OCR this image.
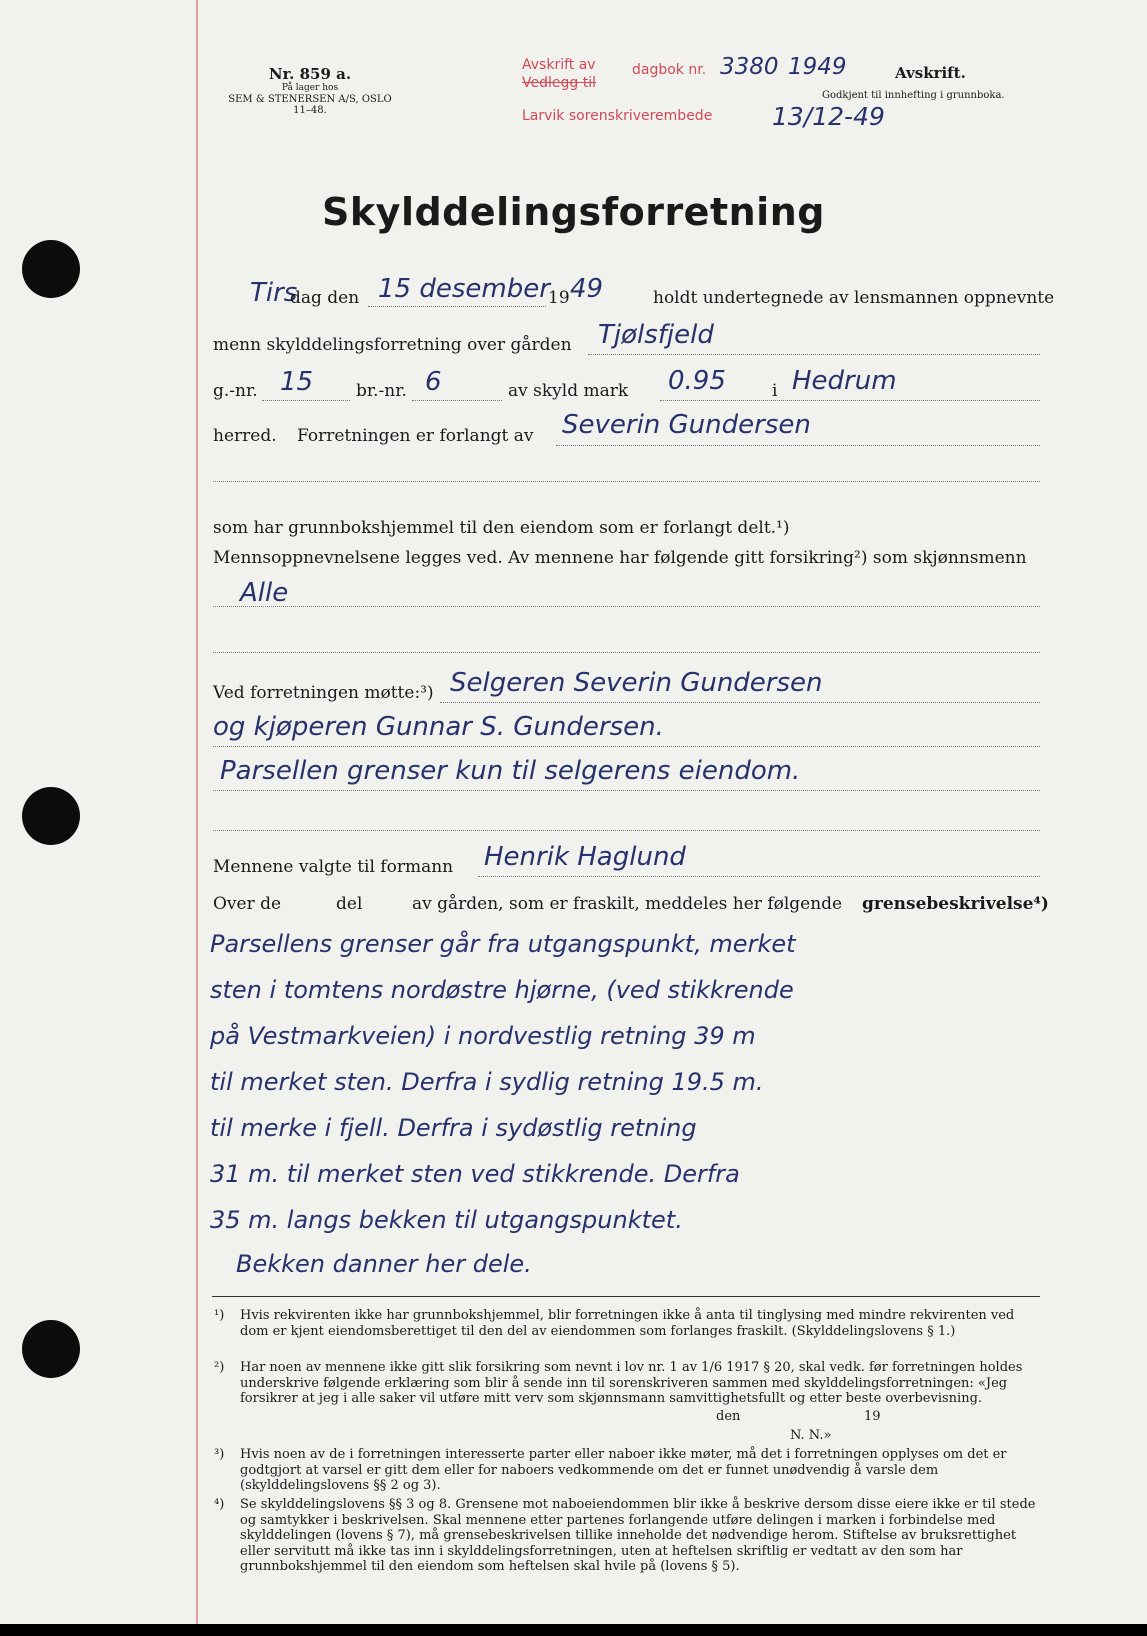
Nr. 859 a.
På lager hos
SEM & STENERSEN A/S, OSLO
11–48.
Avskrift av
Vedlegg til
dagbok nr. 3380 1949
Larvik sorenskriverembede 13/12-49
Avskrift.
Godkjent til innhefting i grunnboka.
Skylddelingsforretning
Tirs
dag den 15 desember
19 49	holdt undertegnede av lensmannen oppnevnte
menn skylddelingsforretning over gården Tjølsfjeld
g.-nr. 15	br.-nr. 6	av skyld mark 0.95	i Hedrum
herred. Forretningen er forlangt av Severin Gundersen
som har grunnbokshjemmel til den eiendom som er forlangt delt.¹)
Mennsoppnevnelsene legges ved. Av mennene har følgende gitt forsikring²) som skjønnsmenn
Alle
Ved forretningen møtte:³) Selgeren Severin Gundersen
og kjøperen Gunnar S. Gundersen.
Parsellen grenser kun til selgerens eiendom.
Mennene valgte til formann Henrik Haglund
Over de	del	av gården, som er fraskilt, meddeles her følgende grensebeskrivelse⁴)
Parsellens grenser går fra utgangspunkt, merket
sten i tomtens nordøstre hjørne, (ved stikkrende
på Vestmarkveien) i nordvestlig retning 39 m
til merket sten. Derfra i sydlig retning 19.5 m.
til merke i fjell. Derfra i sydøstlig retning
31 m. til merket sten ved stikkrende. Derfra
35 m. langs bekken til utgangspunktet.
Bekken danner her dele.
¹) Hvis rekvirenten ikke har grunnbokshjemmel, blir forretningen ikke å anta til tinglysing med mindre rekvirenten ved dom er kjent eiendomsberettiget til den del av eiendommen som forlanges fraskilt. (Skylddelingslovens § 1.)
²) Har noen av mennene ikke gitt slik forsikring som nevnt i lov nr. 1 av 1/6 1917 § 20, skal vedk. før forretningen holdes underskrive følgende erklæring som blir å sende inn til sorenskriveren sammen med skylddelingsforretningen: «Jeg forsikrer at jeg i alle saker vil utføre mitt verv som skjønnsmann samvittighetsfullt og etter beste overbevisning.
den	19
N. N.»
³) Hvis noen av de i forretningen interesserte parter eller naboer ikke møter, må det i forretningen opplyses om det er godtgjort at varsel er gitt dem eller for naboers vedkommende om det er funnet unødvendig å varsle dem (skylddelingslovens §§ 2 og 3).
⁴) Se skylddelingslovens §§ 3 og 8. Grensene mot naboeiendommen blir ikke å beskrive dersom disse eiere ikke er til stede og samtykker i beskrivelsen. Skal mennene etter partenes forlangende utføre delingen i marken i forbindelse med skylddelingen (lovens § 7), må grensebeskrivelsen tillike inneholde det nødvendige herom. Stiftelse av bruksrettighet eller servitutt må ikke tas inn i skylddelingsforretningen, uten at heftelsen skriftlig er vedtatt av den som har grunnbokshjemmel til den eiendom som heftelsen skal hvile på (lovens § 5).
